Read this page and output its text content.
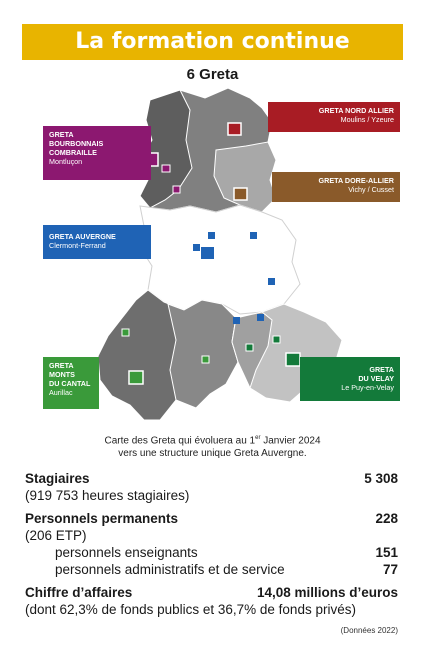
La formation continue
6 Greta
GRETA NORD ALLIER
Moulins / Yzeure
GRETA
BOURBONNAIS
COMBRAILLE
Montluçon
GRETA DORE-ALLIER
Vichy / Cusset
GRETA AUVERGNE
Clermont-Ferrand
GRETA
MONTS
DU CANTAL
Aurillac
GRETA
DU VELAY
Le Puy-en-Velay
Carte des Greta qui évoluera au 1er Janvier 2024
vers une structure unique Greta Auvergne.
Stagiaires	5 308
(919 753 heures stagiaires)
Personnels permanents	228
(206 ETP)
personnels enseignants	151
personnels administratifs et de service	77
Chiffre d’affaires	14,08 millions d’euros
(dont 62,3% de fonds publics et 36,7% de fonds privés)
(Données 2022)
